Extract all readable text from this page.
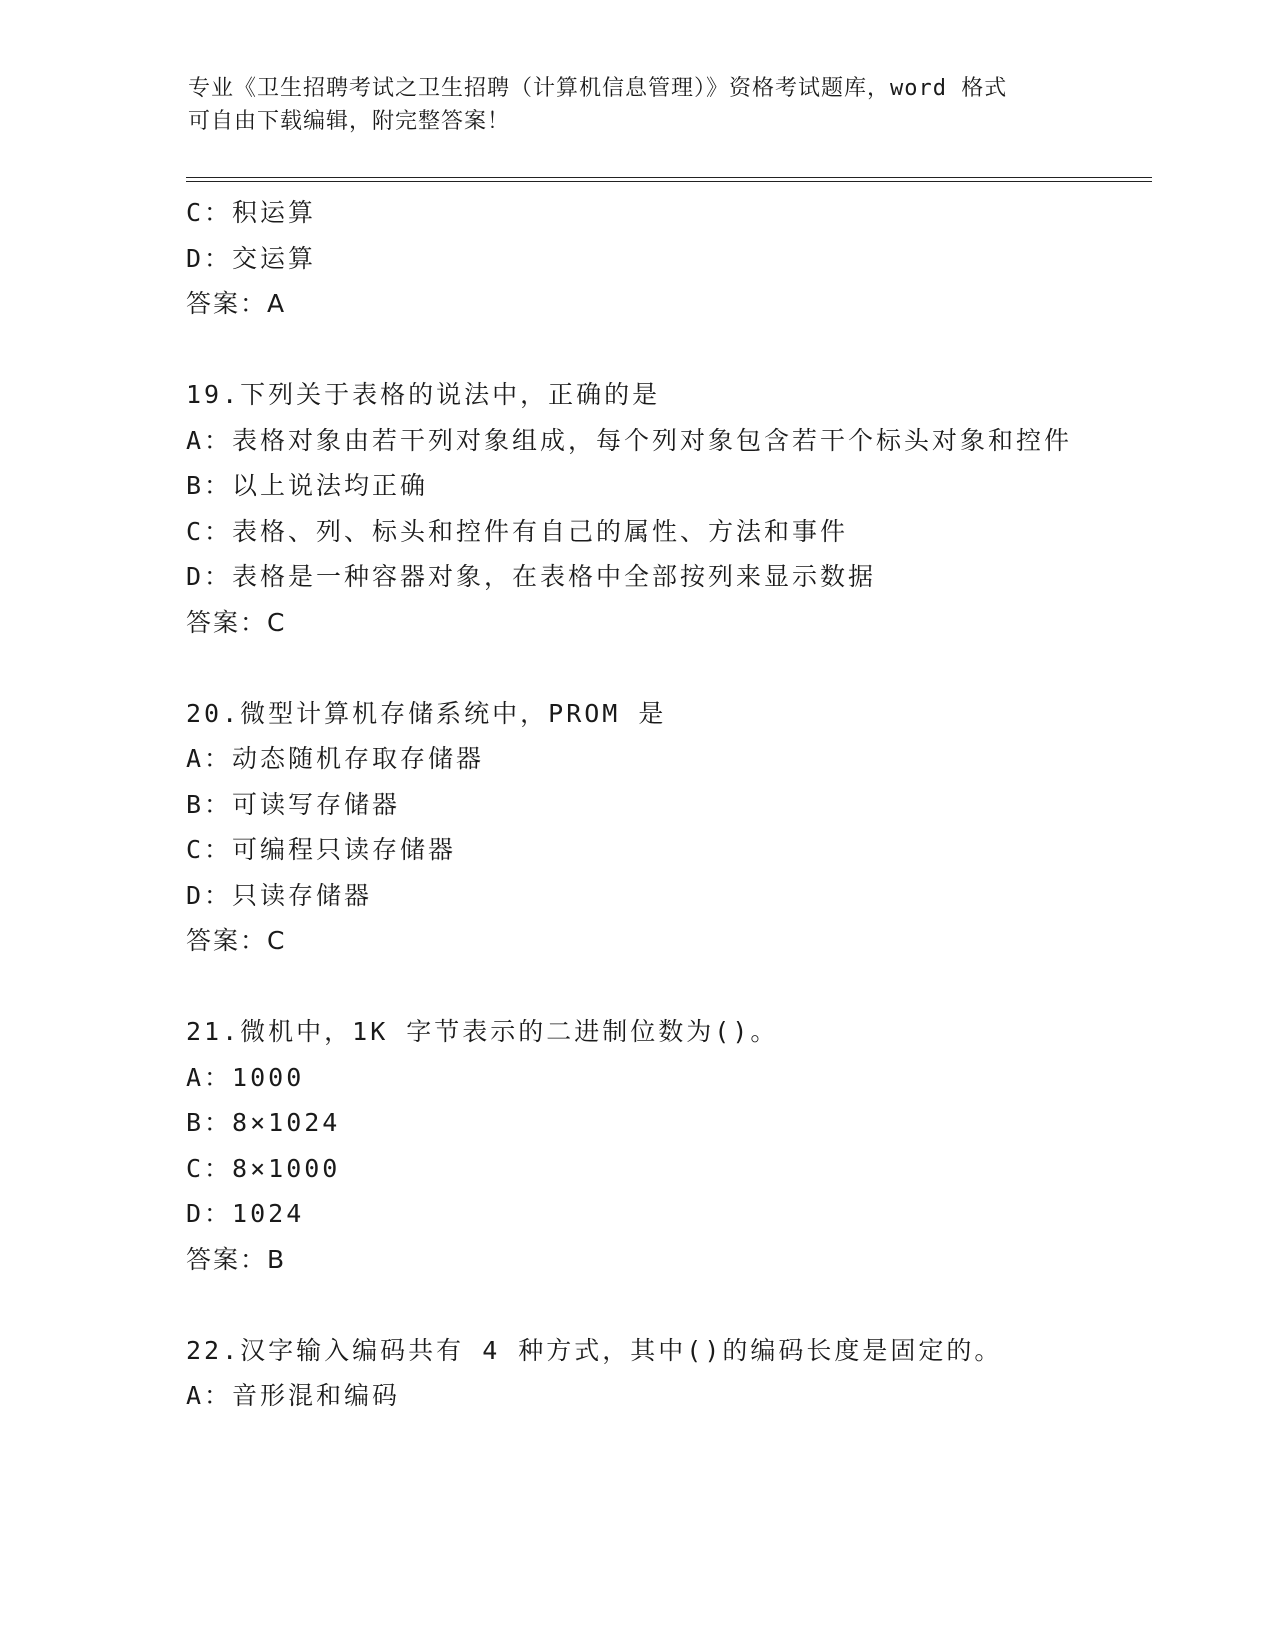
专业《卫生招聘考试之卫生招聘（计算机信息管理）》资格考试题库，word 格式
可自由下载编辑，附完整答案！
C：积运算
D：交运算
答案：A
19.下列关于表格的说法中，正确的是
A：表格对象由若干列对象组成，每个列对象包含若干个标头对象和控件
B：以上说法均正确
C：表格、列、标头和控件有自己的属性、方法和事件
D：表格是一种容器对象，在表格中全部按列来显示数据
答案：C
20.微型计算机存储系统中，PROM 是
A：动态随机存取存储器
B：可读写存储器
C：可编程只读存储器
D：只读存储器
答案：C
21.微机中，1K 字节表示的二进制位数为()。
A：1000
B：8×1024
C：8×1000
D：1024
答案：B
22.汉字输入编码共有 4 种方式，其中()的编码长度是固定的。
A：音形混和编码
